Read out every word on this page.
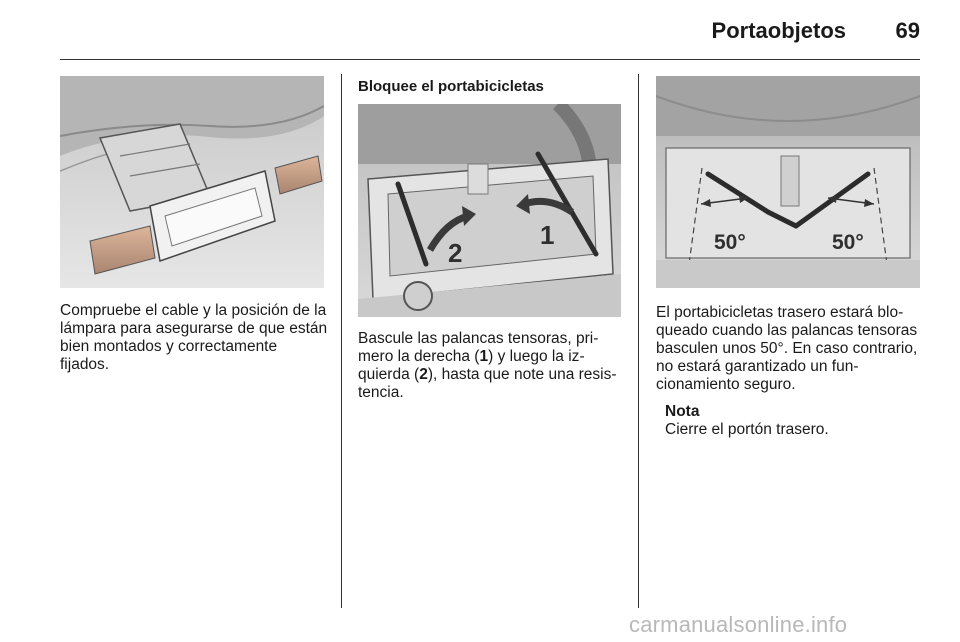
Portaobjetos	69
Compruebe el cable y la posición de la lámpara para asegurarse de que están bien montados y correctamente fijados.
Bloquee el portabicicletas
1
2
Bascule las palancas tensoras, primero la derecha (1) y luego la izquierda (2), hasta que note una resistencia.
50°	50°
El portabicicletas trasero estará bloqueado cuando las palancas tensoras basculen unos 50°. En caso contrario, no estará garantizado un funcionamiento seguro.

Nota

Cierre el portón trasero.

carmanualsonline.info
